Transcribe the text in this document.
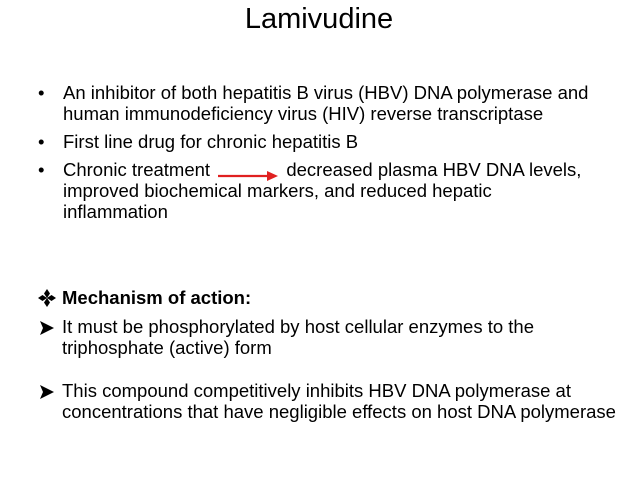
Lamivudine
• An inhibitor of both hepatitis B virus (HBV) DNA polymerase and human immunodeficiency virus (HIV) reverse transcriptase
• First line drug for chronic hepatitis B
• Chronic treatment	decreased plasma HBV DNA levels, improved biochemical markers, and reduced hepatic inflammation
Mechanism of action:
It must be phosphorylated by host cellular enzymes to the triphosphate (active) form
This compound competitively inhibits HBV DNA polymerase at concentrations that have negligible effects on host DNA polymerase
